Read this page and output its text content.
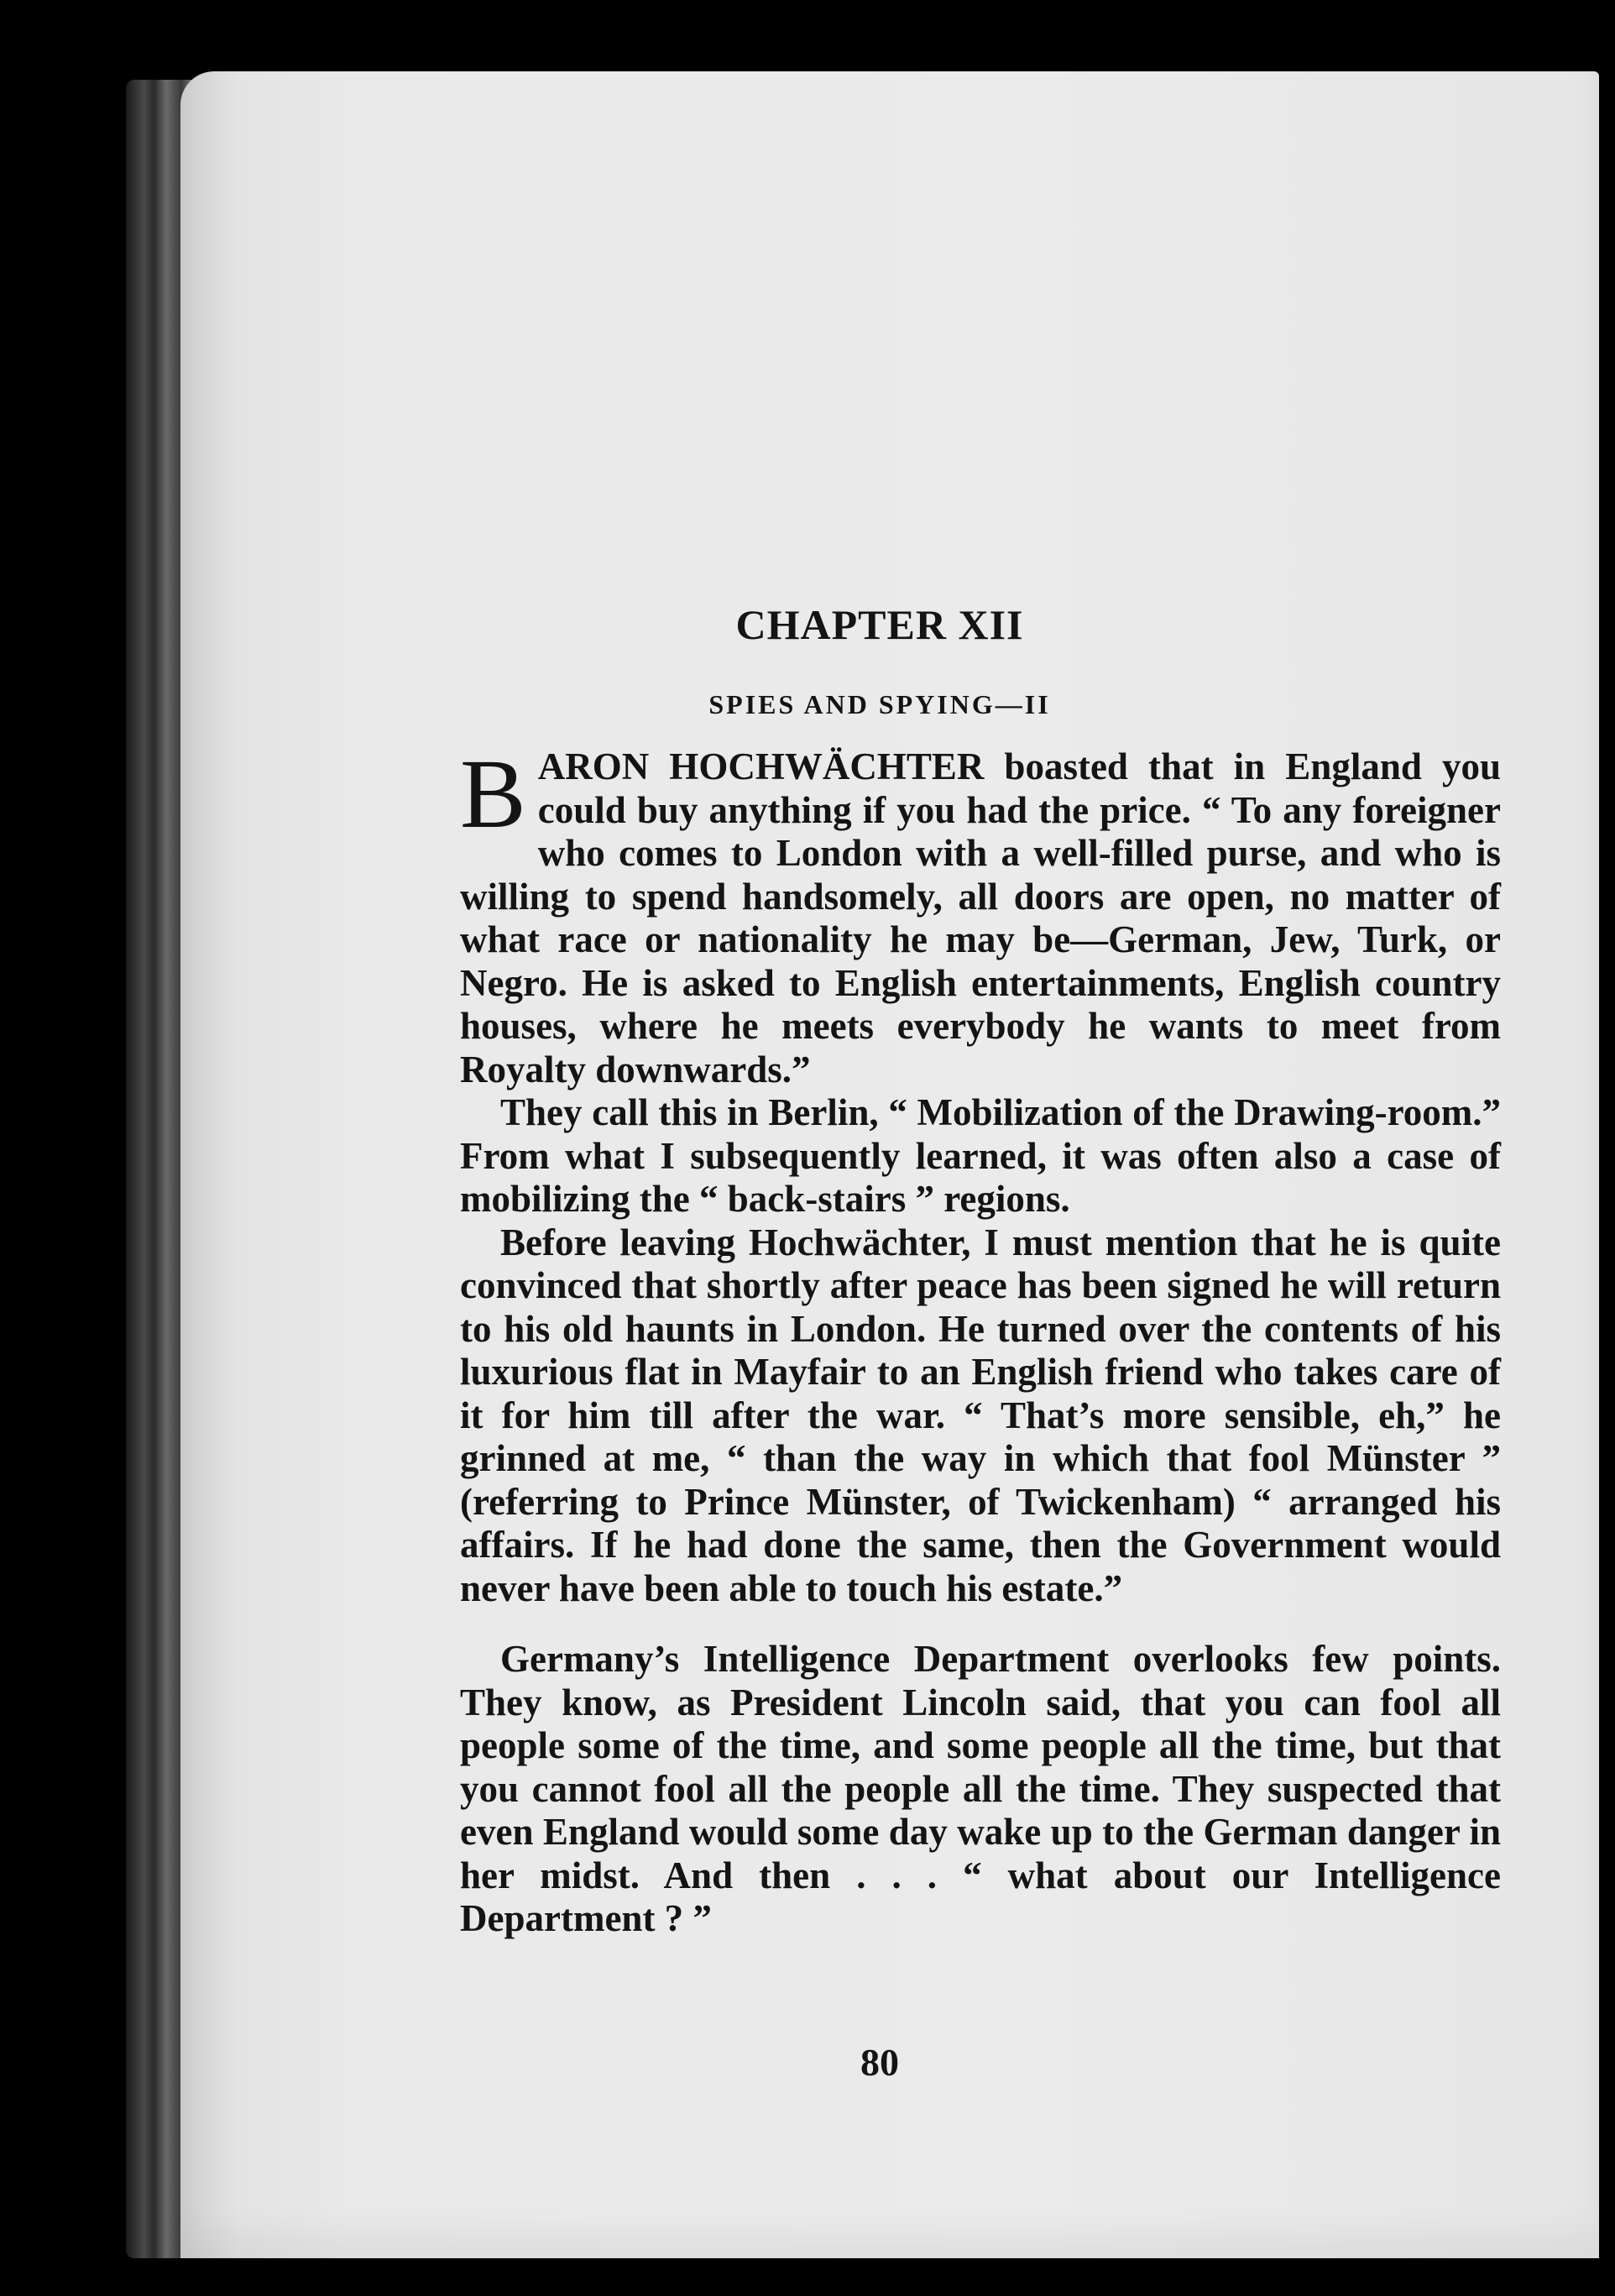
CHAPTER XII
SPIES AND SPYING—II

BARON HOCHWÄCHTER boasted that in England you could buy anything if you had the price. “ To any foreigner who comes to London with a well-filled purse, and who is willing to spend handsomely, all doors are open, no matter of what race or nationality he may be—German, Jew, Turk, or Negro. He is asked to English entertainments, English country houses, where he meets everybody he wants to meet from Royalty downwards.”

They call this in Berlin, “ Mobilization of the Drawing-room.” From what I subsequently learned, it was often also a case of mobilizing the “ back-stairs ” regions.

Before leaving Hochwächter, I must mention that he is quite convinced that shortly after peace has been signed he will return to his old haunts in London. He turned over the contents of his luxurious flat in Mayfair to an English friend who takes care of it for him till after the war. “ That’s more sensible, eh,” he grinned at me, “ than the way in which that fool Münster ” (referring to Prince Münster, of Twickenham) “ arranged his affairs. If he had done the same, then the Government would never have been able to touch his estate.”

Germany’s Intelligence Department overlooks few points. They know, as President Lincoln said, that you can fool all people some of the time, and some people all the time, but that you cannot fool all the people all the time. They suspected that even England would some day wake up to the German danger in her midst. And then . . . “ what about our Intelligence Department ? ”

80
